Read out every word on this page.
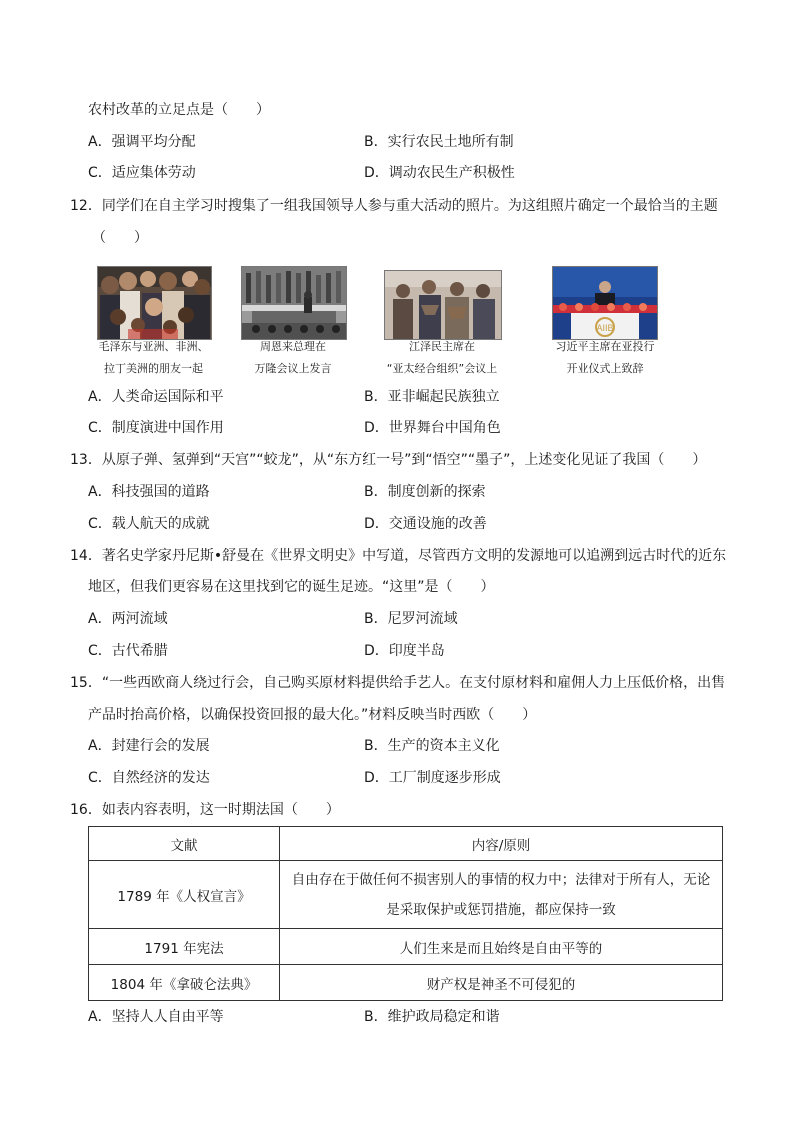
农村改革的立足点是（　　）
A．强调平均分配	B．实行农民土地所有制
C．适应集体劳动	D．调动农民生产积极性
12．同学们在自主学习时搜集了一组我国领导人参与重大活动的照片。为这组照片确定一个最恰当的主题
（　　）
毛泽东与亚洲、非洲、
拉丁美洲的朋友一起
周恩来总理在
万隆会议上发言
江泽民主席在
“亚太经合组织”会议上
AIIB
习近平主席在亚投行
开业仪式上致辞
A．人类命运国际和平	B．亚非崛起民族独立
C．制度演进中国作用	D．世界舞台中国角色
13．从原子弹、氢弹到“天宫”“蛟龙”，从“东方红一号”到“悟空”“墨子”，上述变化见证了我国（　　）
A．科技强国的道路	B．制度创新的探索
C．载人航天的成就	D．交通设施的改善
14．著名史学家丹尼斯•舒曼在《世界文明史》中写道，尽管西方文明的发源地可以追溯到远古时代的近东
地区，但我们更容易在这里找到它的诞生足迹。“这里”是（　　）
A．两河流域	B．尼罗河流域
C．古代希腊	D．印度半岛
15．“一些西欧商人绕过行会，自己购买原材料提供给手艺人。在支付原材料和雇佣人力上压低价格，出售
产品时抬高价格，以确保投资回报的最大化。”材料反映当时西欧（　　）
A．封建行会的发展	B．生产的资本主义化
C．自然经济的发达	D．工厂制度逐步形成
16．如表内容表明，这一时期法国（　　）
文献	内容/原则
1789 年《人权宣言》	自由存在于做任何不损害别人的事情的权力中；法律对于所有人，无论
是采取保护或惩罚措施，都应保持一致

1791 年宪法	人们生来是而且始终是自由平等的
1804 年《拿破仑法典》	财产权是神圣不可侵犯的
A．坚持人人自由平等	B．维护政局稳定和谐
